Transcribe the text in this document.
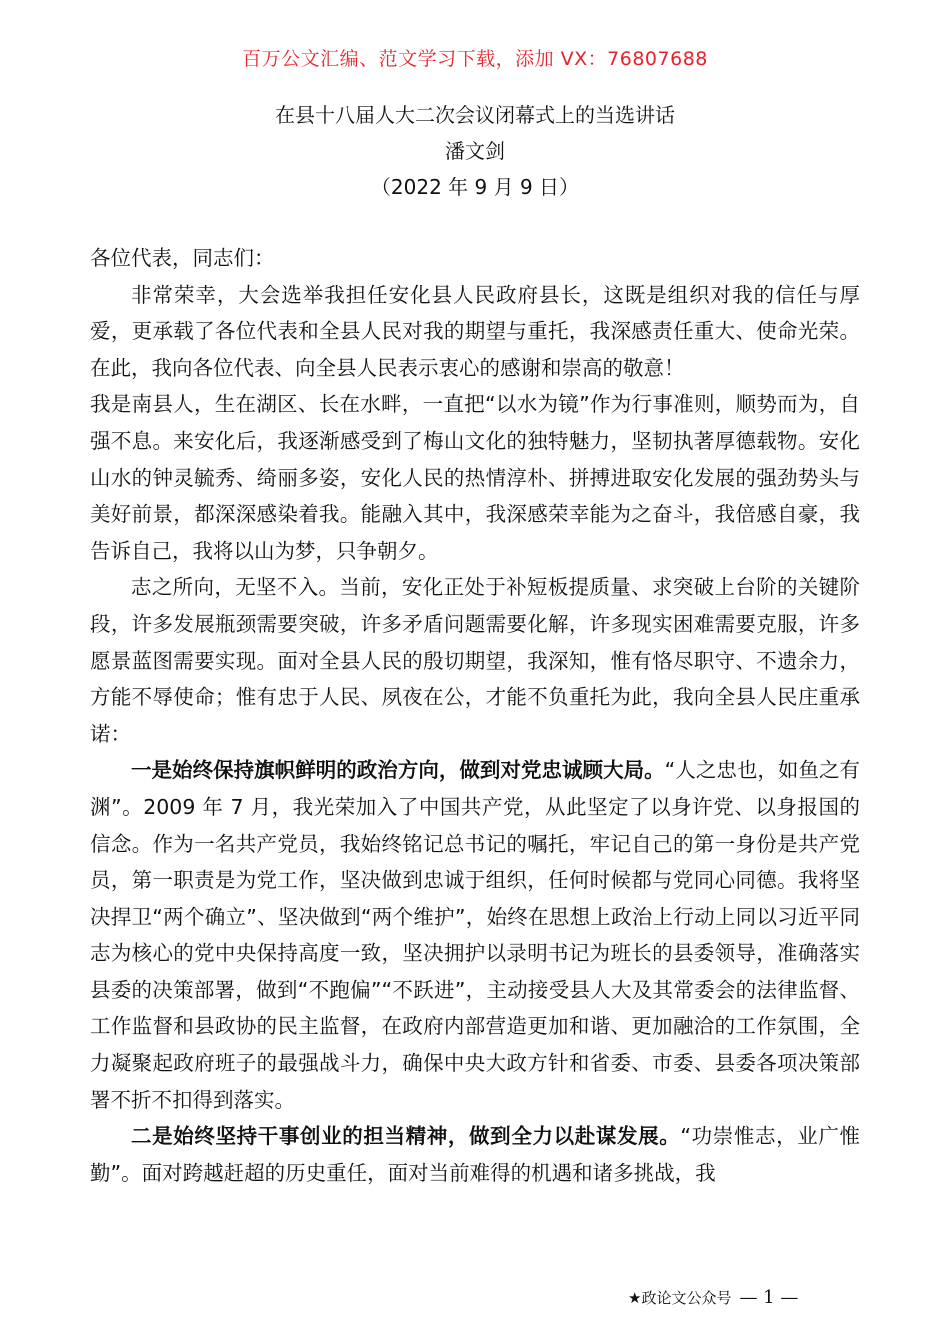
百万公文汇编、范文学习下载，添加 VX：76807688
在县十八届人大二次会议闭幕式上的当选讲话
潘文剑
（2022 年 9 月 9 日）

各位代表，同志们：

非常荣幸，大会选举我担任安化县人民政府县长，这既是组织对我的信任与厚爱，更承载了各位代表和全县人民对我的期望与重托，我深感责任重大、使命光荣。在此，我向各位代表、向全县人民表示衷心的感谢和崇高的敬意！

我是南县人，生在湖区、长在水畔，一直把“以水为镜”作为行事准则，顺势而为，自强不息。来安化后，我逐渐感受到了梅山文化的独特魅力，坚韧执著厚德载物。安化山水的钟灵毓秀、绮丽多姿，安化人民的热情淳朴、拼搏进取安化发展的强劲势头与美好前景，都深深感染着我。能融入其中，我深感荣幸能为之奋斗，我倍感自豪，我告诉自己，我将以山为梦，只争朝夕。

志之所向，无坚不入。当前，安化正处于补短板提质量、求突破上台阶的关键阶段，许多发展瓶颈需要突破，许多矛盾问题需要化解，许多现实困难需要克服，许多愿景蓝图需要实现。面对全县人民的殷切期望，我深知，惟有恪尽职守、不遗余力，方能不辱使命；惟有忠于人民、夙夜在公，才能不负重托为此，我向全县人民庄重承诺：

一是始终保持旗帜鲜明的政治方向，做到对党忠诚顾大局。“人之忠也，如鱼之有渊”。2009 年 7 月，我光荣加入了中国共产党，从此坚定了以身许党、以身报国的信念。作为一名共产党员，我始终铭记总书记的嘱托，牢记自己的第一身份是共产党员，第一职责是为党工作，坚决做到忠诚于组织，任何时候都与党同心同德。我将坚决捍卫“两个确立”、坚决做到“两个维护”，始终在思想上政治上行动上同以习近平同志为核心的党中央保持高度一致，坚决拥护以录明书记为班长的县委领导，准确落实县委的决策部署，做到“不跑偏”“不跃进”，主动接受县人大及其常委会的法律监督、工作监督和县政协的民主监督，在政府内部营造更加和谐、更加融洽的工作氛围，全力凝聚起政府班子的最强战斗力，确保中央大政方针和省委、市委、县委各项决策部署不折不扣得到落实。

二是始终坚持干事创业的担当精神，做到全力以赴谋发展。“功崇惟志，业广惟勤”。面对跨越赶超的历史重任，面对当前难得的机遇和诸多挑战，我

★政论文公众号 — 1 —
